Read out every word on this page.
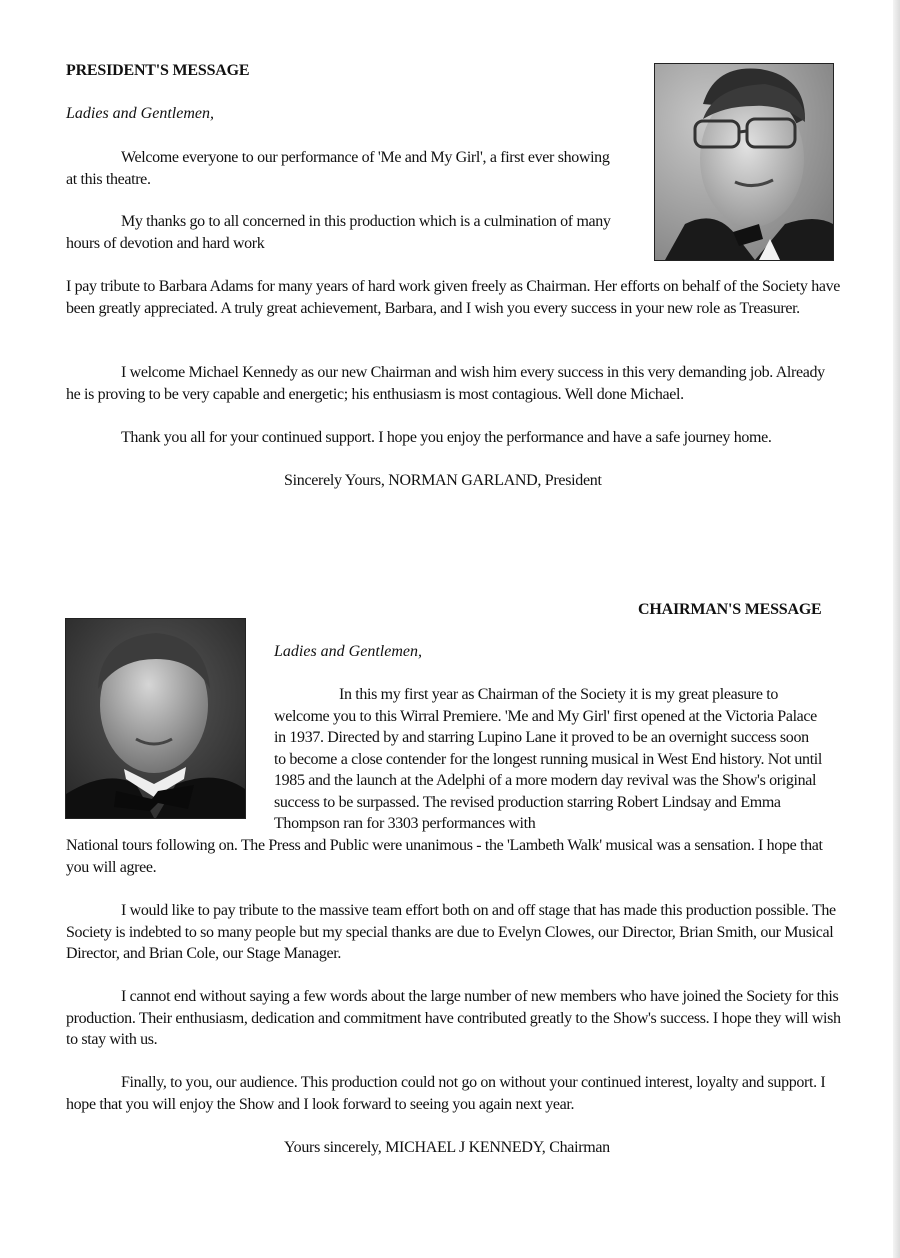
PRESIDENT'S MESSAGE
Ladies and Gentlemen,

Welcome everyone to our performance of 'Me and My Girl', a first ever showing at this theatre.

My thanks go to all concerned in this production which is a culmination of many hours of devotion and hard work

I pay tribute to Barbara Adams for many years of hard work given freely as Chairman. Her efforts on behalf of the Society have been greatly appreciated. A truly great achievement, Barbara, and I wish you every success in your new role as Treasurer.

I welcome Michael Kennedy as our new Chairman and wish him every success in this very demanding job. Already he is proving to be very capable and energetic; his enthusiasm is most contagious. Well done Michael.

Thank you all for your continued support. I hope you enjoy the performance and have a safe journey home.

Sincerely Yours, NORMAN GARLAND, President
CHAIRMAN'S MESSAGE
Ladies and Gentlemen,

In this my first year as Chairman of the Society it is my great pleasure to welcome you to this Wirral Premiere. 'Me and My Girl' first opened at the Victoria Palace in 1937. Directed by and starring Lupino Lane it proved to be an overnight success soon to become a close contender for the longest running musical in West End history. Not until 1985 and the launch at the Adelphi of a more modern day revival was the Show's original success to be surpassed. The revised production starring Robert Lindsay and Emma Thompson ran for 3303 performances with

National tours following on. The Press and Public were unanimous - the 'Lambeth Walk' musical was a sensation. I hope that you will agree.

I would like to pay tribute to the massive team effort both on and off stage that has made this production possible. The Society is indebted to so many people but my special thanks are due to Evelyn Clowes, our Director, Brian Smith, our Musical Director, and Brian Cole, our Stage Manager.

I cannot end without saying a few words about the large number of new members who have joined the Society for this production. Their enthusiasm, dedication and commitment have contributed greatly to the Show's success. I hope they will wish to stay with us.

Finally, to you, our audience. This production could not go on without your continued interest, loyalty and support. I hope that you will enjoy the Show and I look forward to seeing you again next year.

Yours sincerely, MICHAEL J KENNEDY, Chairman
